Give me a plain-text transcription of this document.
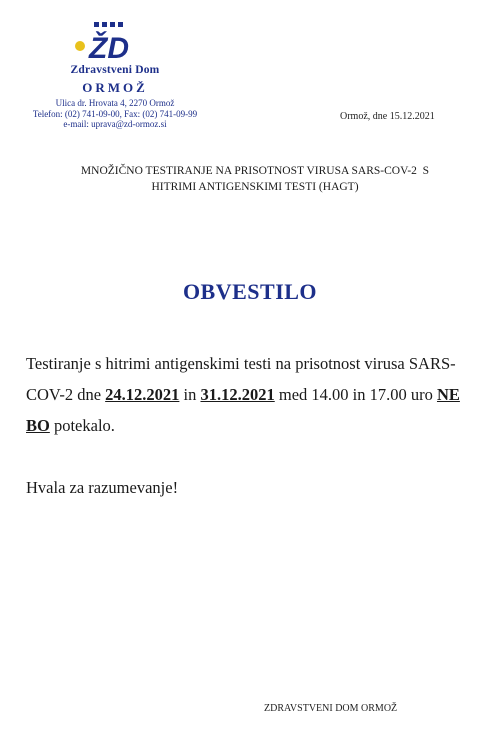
ŽD
Zdravstveni Dom
ORMOŽ
Ulica dr. Hrovata 4, 2270 Ormož
Telefon: (02) 741-09-00, Fax: (02) 741-09-99
e-mail: uprava@zd-ormoz.si
Ormož, dne 15.12.2021
MNOŽIČNO TESTIRANJE NA PRISOTNOST VIRUSA SARS-COV-2  S
HITRIMI ANTIGENSKIMI TESTI (HAGT)
OBVESTILO
Testiranje s hitrimi antigenskimi testi na prisotnost virusa SARS-COV-2 dne 24.12.2021 in 31.12.2021 med 14.00 in 17.00 uro NE BO potekalo.
Hvala za razumevanje!
ZDRAVSTVENI DOM ORMOŽ
